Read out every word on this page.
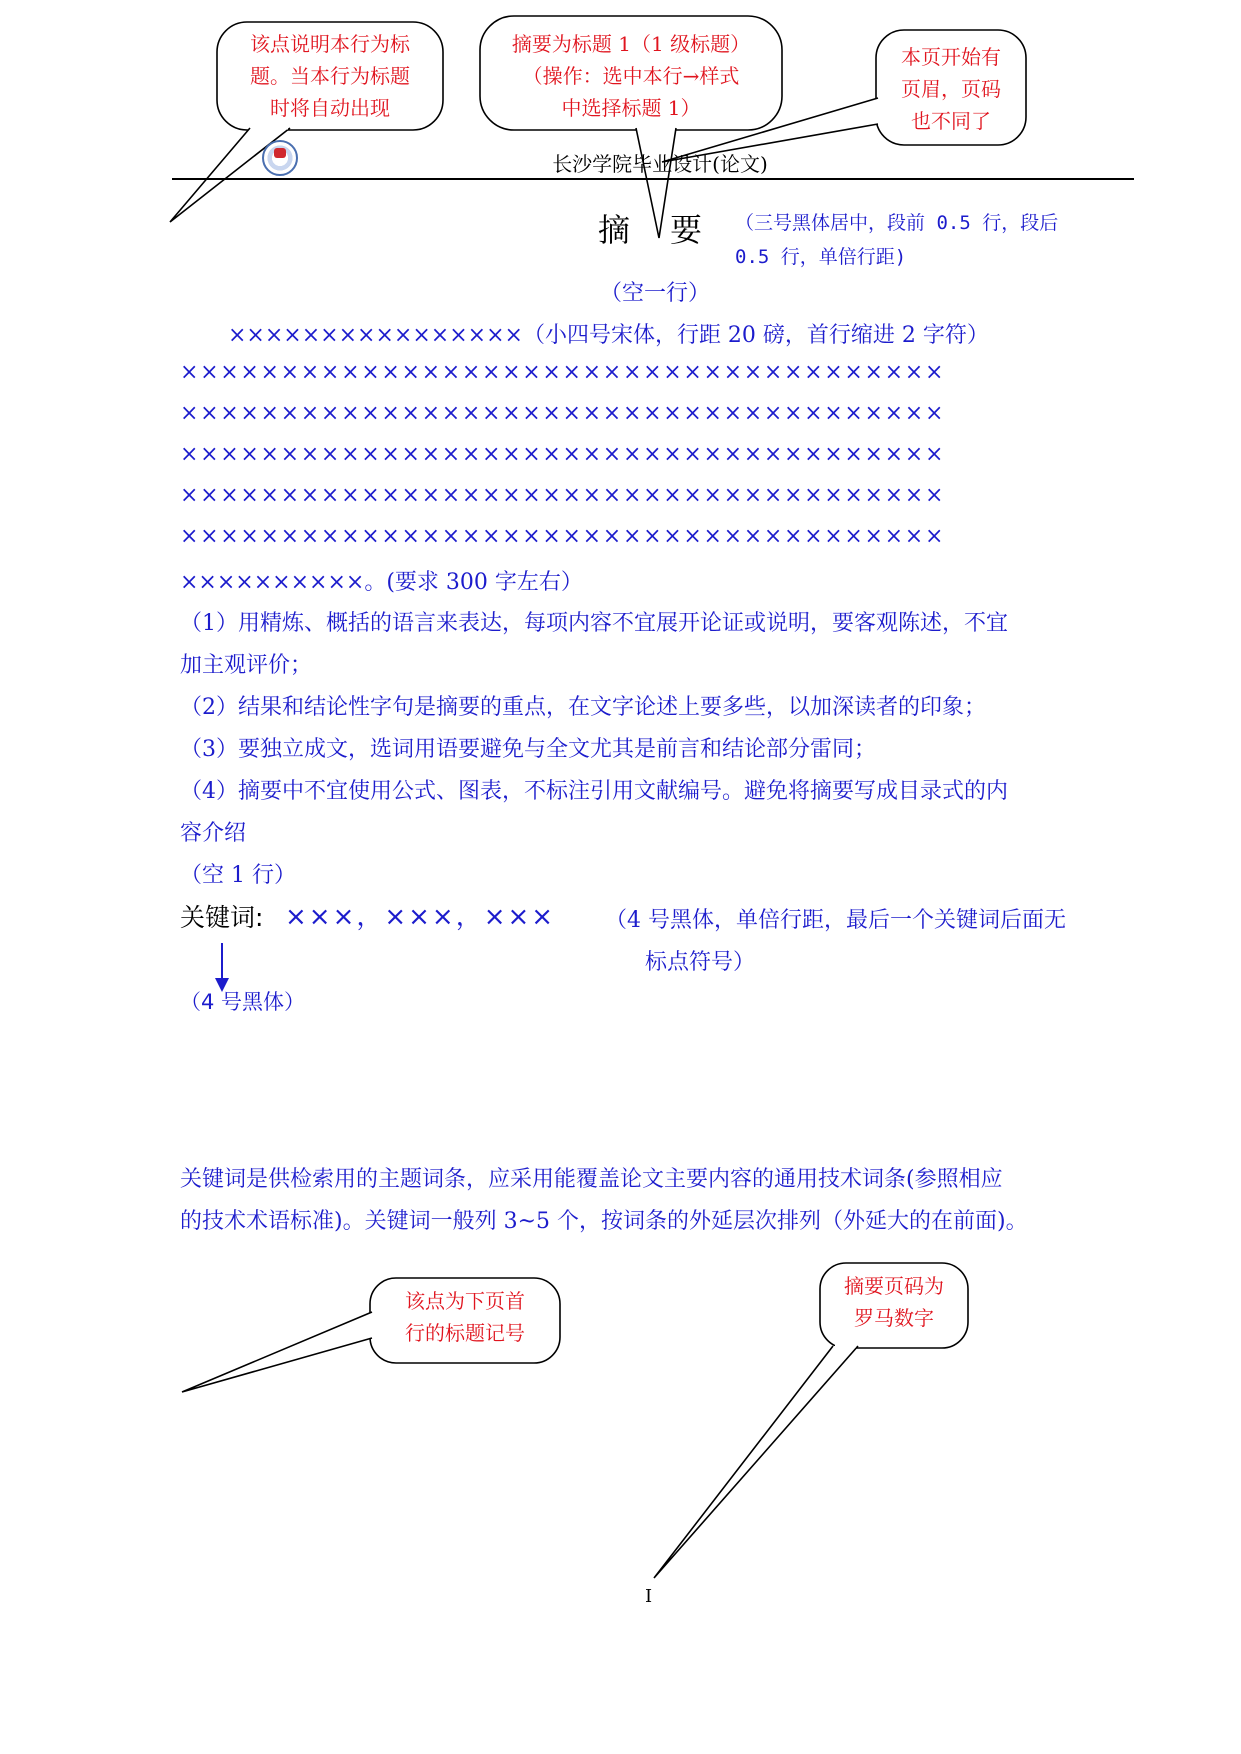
该点说明本行为标
题。当本行为标题
时将自动出现
摘要为标题 1（1 级标题）
（操作：选中本行→样式
中选择标题 1）
本页开始有
页眉，页码
也不同了
该点为下页首
行的标题记号
摘要页码为
罗马数字
长沙学院毕业设计(论文)
摘　要 （三号黑体居中，段前 0.5 行，段后
0.5 行，单倍行距)
（空一行）
××××××××××××××××（小四号宋体，行距 20 磅，首行缩进 2 字符）
××××××××××××××××××××××××××××××××××××××
××××××××××××××××××××××××××××××××××××××
××××××××××××××××××××××××××××××××××××××
××××××××××××××××××××××××××××××××××××××
××××××××××××××××××××××××××××××××××××××
××××××××××。(要求 300 字左右）
（1）用精炼、概括的语言来表达，每项内容不宜展开论证或说明，要客观陈述，不宜
加主观评价；
（2）结果和结论性字句是摘要的重点，在文字论述上要多些，以加深读者的印象；
（3）要独立成文，选词用语要避免与全文尤其是前言和结论部分雷同；
（4）摘要中不宜使用公式、图表，不标注引用文献编号。避免将摘要写成目录式的内
容介绍
（空 1 行）
关键词: ×××，×××，××× （4 号黑体，单倍行距，最后一个关键词后面无
标点符号）
（4 号黑体）
关键词是供检索用的主题词条，应采用能覆盖论文主要内容的通用技术词条(参照相应
的技术术语标准)。关键词一般列 3~5 个，按词条的外延层次排列（外延大的在前面)。
I
